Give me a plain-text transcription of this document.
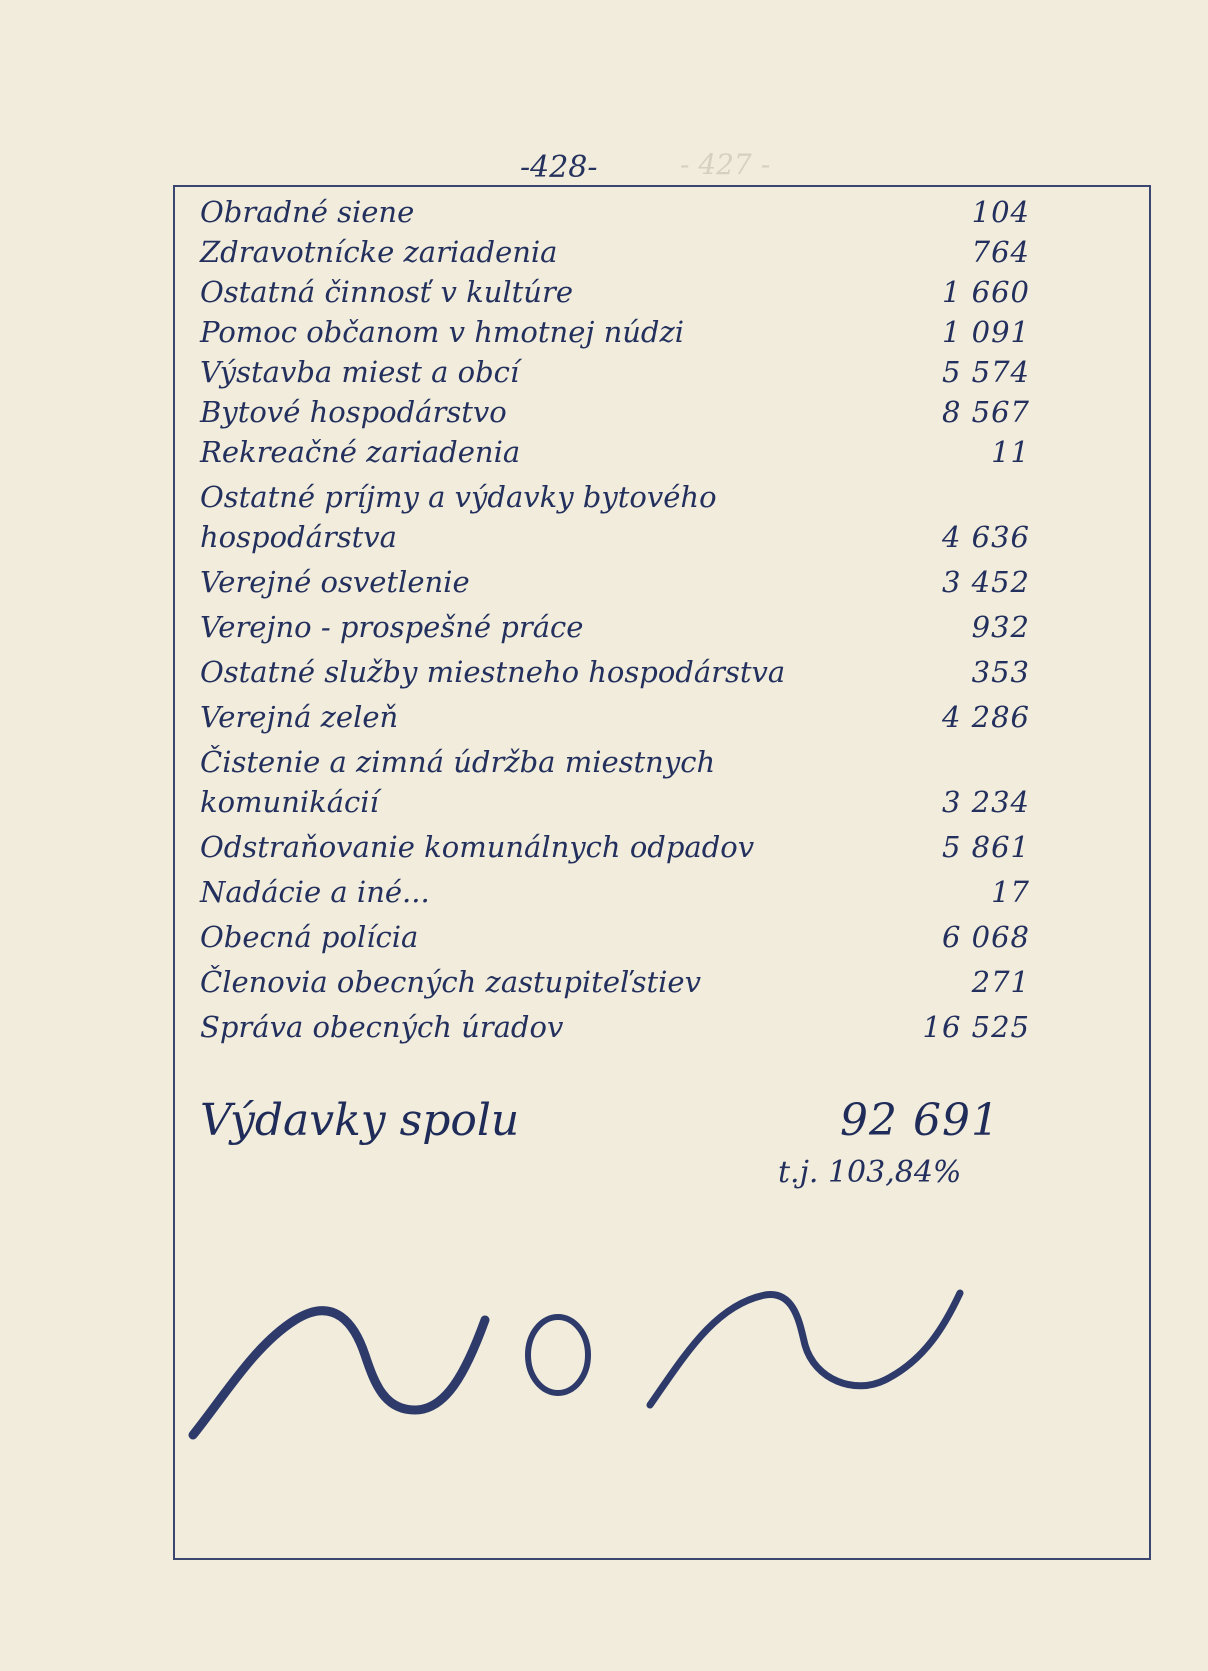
- 427 -
-428-
Obradné siene	104
Zdravotnícke zariadenia	764
Ostatná činnosť v kultúre	1 660
Pomoc občanom v hmotnej núdzi	1 091
Výstavba miest a obcí	5 574
Bytové hospodárstvo	8 567
Rekreačné zariadenia	11
Ostatné príjmy a výdavky bytového
hospodárstva	4 636
Verejné osvetlenie	3 452
Verejno - prospešné práce	932
Ostatné služby miestneho hospodárstva	353
Verejná zeleň	4 286
Čistenie a zimná údržba miestnych
komunikácií	3 234
Odstraňovanie komunálnych odpadov	5 861
Nadácie a iné...	17
Obecná polícia	6 068
Členovia obecných zastupiteľstiev	271
Správa obecných úradov	16 525
Výdavky spolu	92 691
t.j. 103,84%
